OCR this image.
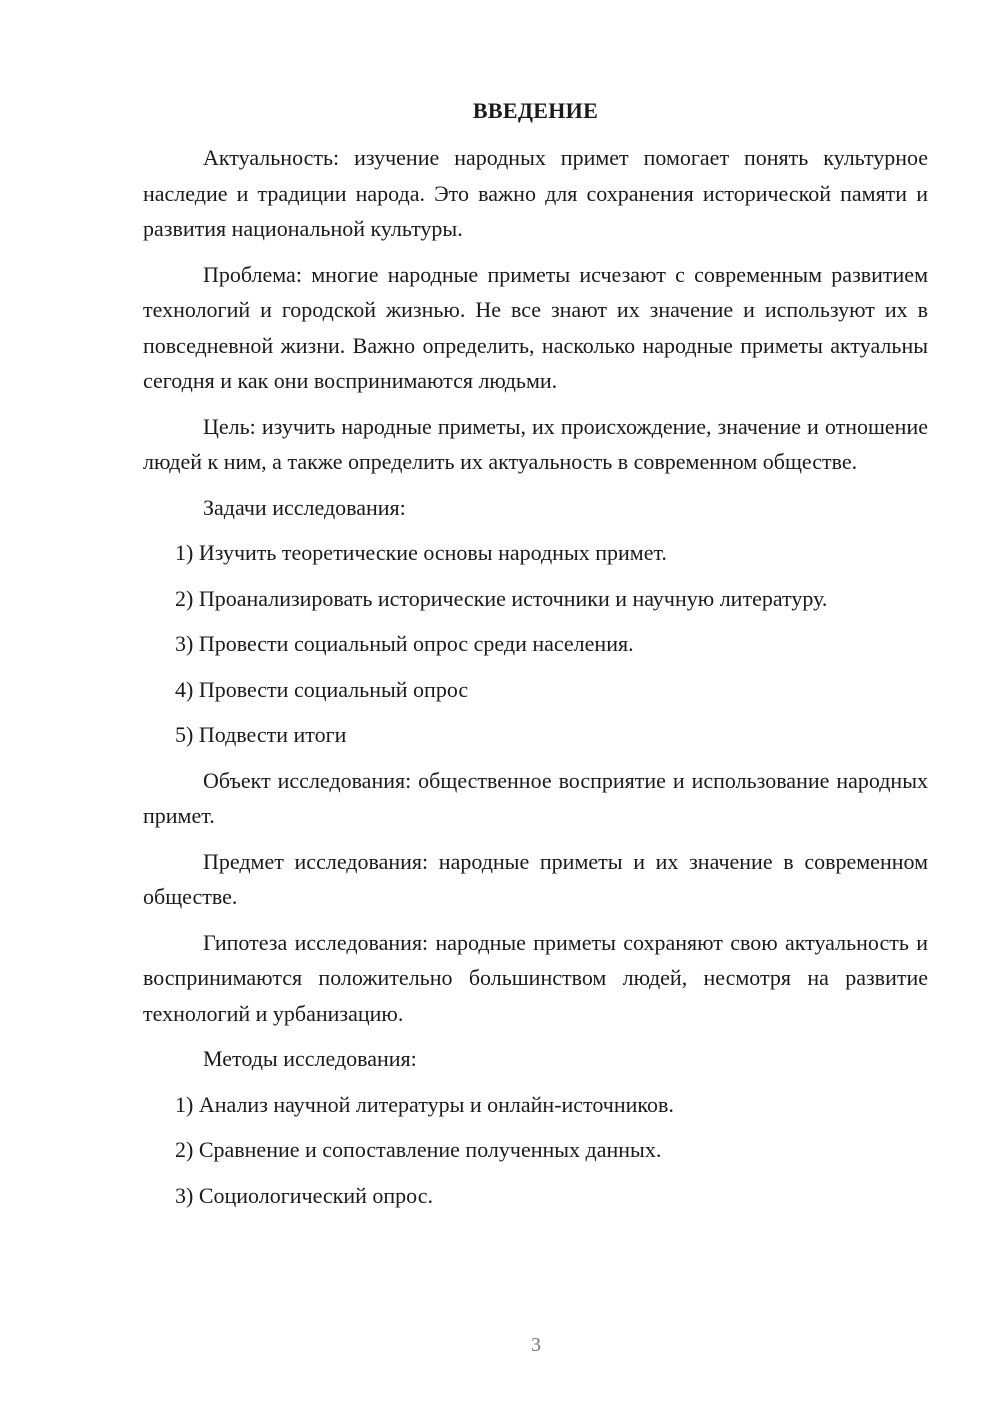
ВВЕДЕНИЕ

Актуальность: изучение народных примет помогает понять культурное наследие и традиции народа. Это важно для сохранения исторической памяти и развития национальной культуры.

Проблема: многие народные приметы исчезают с современным развитием технологий и городской жизнью. Не все знают их значение и используют их в повседневной жизни. Важно определить, насколько народные приметы актуальны сегодня и как они воспринимаются людьми.

Цель: изучить народные приметы, их происхождение, значение и отношение людей к ним, а также определить их актуальность в современном обществе.

Задачи исследования:

1) Изучить теоретические основы народных примет.
2) Проанализировать исторические источники и научную литературу.
3) Провести социальный опрос среди населения.
4) Провести социальный опрос
5) Подвести итоги

Объект исследования: общественное восприятие и использование народных примет.

Предмет исследования: народные приметы и их значение в современном обществе.

Гипотеза исследования: народные приметы сохраняют свою актуальность и воспринимаются положительно большинством людей, несмотря на развитие технологий и урбанизацию.

Методы исследования:

1) Анализ научной литературы и онлайн-источников.
2) Сравнение и сопоставление полученных данных.
3) Социологический опрос.
3
